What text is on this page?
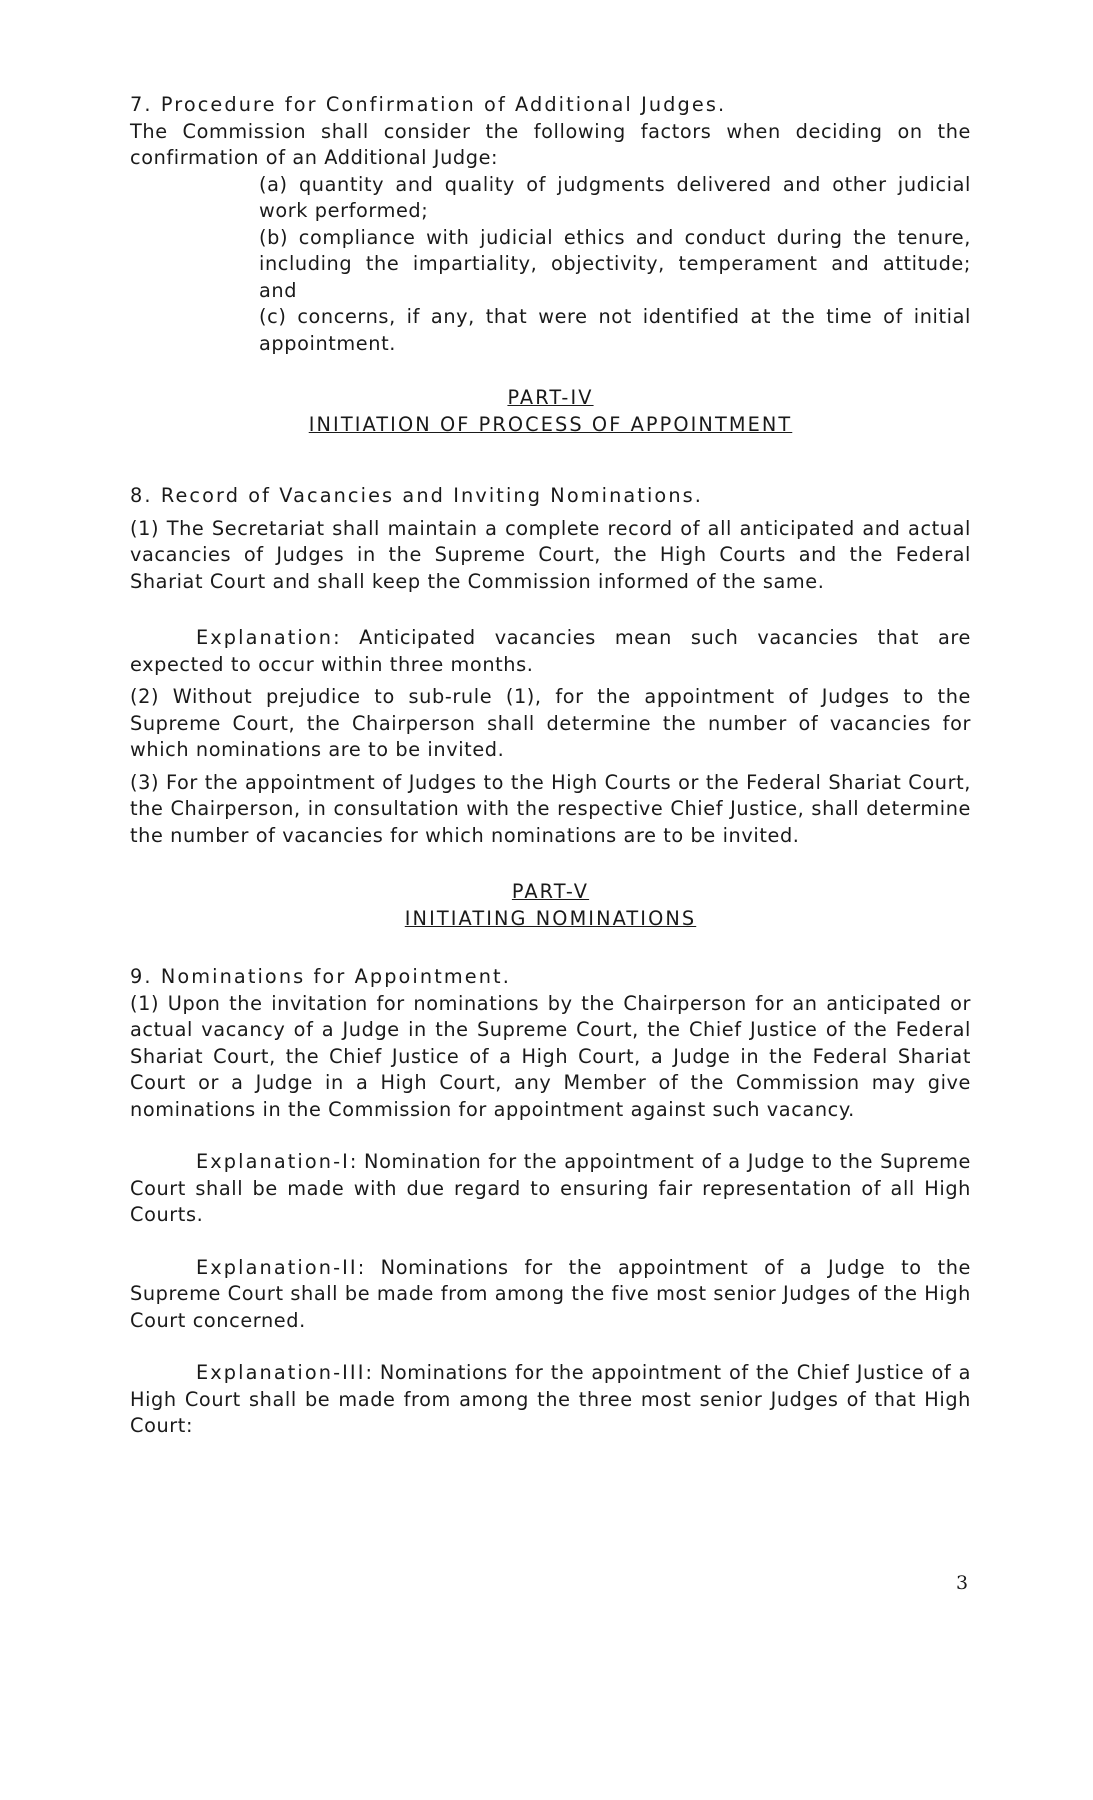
7. Procedure for Confirmation of Additional Judges.

The Commission shall consider the following factors when deciding on the confirmation of an Additional Judge:

(a) quantity and quality of judgments delivered and other judicial work performed;

(b) compliance with judicial ethics and conduct during the tenure, including the impartiality, objectivity, temperament and attitude; and

(c) concerns, if any, that were not identified at the time of initial appointment.

PART-IV

INITIATION OF PROCESS OF APPOINTMENT

8. Record of Vacancies and Inviting Nominations.

(1) The Secretariat shall maintain a complete record of all anticipated and actual vacancies of Judges in the Supreme Court, the High Courts and the Federal Shariat Court and shall keep the Commission informed of the same.

Explanation: Anticipated vacancies mean such vacancies that are expected to occur within three months.

(2) Without prejudice to sub-rule (1), for the appointment of Judges to the Supreme Court, the Chairperson shall determine the number of vacancies for which nominations are to be invited.

(3) For the appointment of Judges to the High Courts or the Federal Shariat Court, the Chairperson, in consultation with the respective Chief Justice, shall determine the number of vacancies for which nominations are to be invited.

PART-V

INITIATING NOMINATIONS

9. Nominations for Appointment.

(1) Upon the invitation for nominations by the Chairperson for an anticipated or actual vacancy of a Judge in the Supreme Court, the Chief Justice of the Federal Shariat Court, the Chief Justice of a High Court, a Judge in the Federal Shariat Court or a Judge in a High Court, any Member of the Commission may give nominations in the Commission for appointment against such vacancy.

Explanation-I: Nomination for the appointment of a Judge to the Supreme Court shall be made with due regard to ensuring fair representation of all High Courts.

Explanation-II: Nominations for the appointment of a Judge to the Supreme Court shall be made from among the five most senior Judges of the High Court concerned.

Explanation-III: Nominations for the appointment of the Chief Justice of a High Court shall be made from among the three most senior Judges of that High Court:

3
